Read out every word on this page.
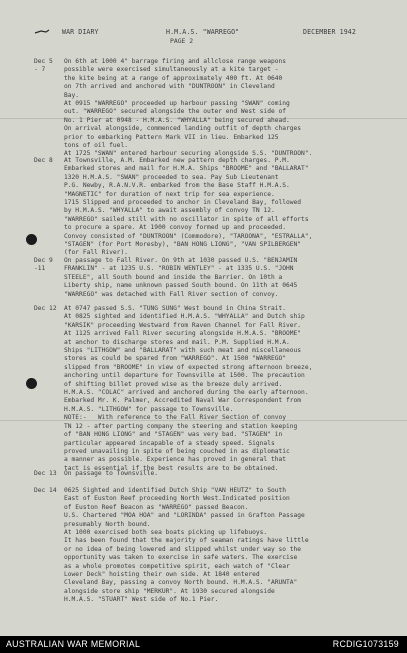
WAR DIARY	H.M.A.S. "WARREGO"	DECEMBER 1942
PAGE 2
Dec 5
- 7
On 6th at 1000 4" barrage firing and allclose range weapons
possible were exercised simultaneously at a kite target -
the kite being at a range of approximately 400 ft. At 0640
on 7th arrived and anchored with "DUNTROON" in Cleveland
Bay.
At 0915 "WARREGO" proceeded up harbour passing "SWAN" coming
out. "WARREGO" secured alongside the outer end West side of
No. 1 Pier at 0948 - H.M.A.S. "WHYALLA" being secured ahead.
On arrival alongside, commenced landing outfit of depth charges
prior to embarking Pattern Mark VII in lieu. Embarked 125
tons of oil fuel.
At 1725 "SWAN" entered harbour securing alongside S.S. "DUNTROON".
Dec 8	At Townsville, A.M. Embarked new pattern depth charges. P.M.
Embarked stores and mail for H.M.A. Ships "BROOME" and "BALLARAT"
1320 H.M.A.S. "SWAN" proceeded to sea. Pay Sub Lieutenant
P.G. Newby, R.A.N.V.R. embarked from the Base Staff H.M.A.S.
"MAGNETIC" for duration of next trip for sea experience.
1715 Slipped and proceeded to anchor in Cleveland Bay, followed
by H.M.A.S. "WHYALLA" to await assembly of convoy TN 12.
"WARREGO" sailed still with no oscillator in spite of all efforts
to procure a spare. At 1900 convoy formed up and proceeded.
Convoy consisted of "DUNTROON" (Commodore), "TAROONA", "ESTRALLA",
"STAGEN" (for Port Moresby), "BAN HONG LIONG", "VAN SPILBERGEN"
(for Fall River).
Dec 9
-11
On passage to Fall River. On 9th at 1030 passed U.S. "BENJAMIN
FRANKLIN" - at 1235 U.S. "ROBIN WENTLEY" - at 1335 U.S. "JOHN
STEELE", all South bound and inside the Barrier. On 10th a
Liberty ship, name unknown passed South bound. On 11th at 0645
"WARREGO" was detached with Fall River section of convoy.
Dec 12	At 0747 passed S.S. "TUNG SUNG" West bound in China Strait.
At 0825 sighted and identified H.M.A.S. "WHYALLA" and Dutch ship
"KARSIK" proceeding Westward from Raven Channel for Fall River.
At 1125 arrived Fall River securing alongside H.M.A.S. "BROOME"
at anchor to discharge stores and mail. P.M. Supplied H.M.A.
Ships "LITHGOW" and "BALLARAT" with such meat and miscellaneous
stores as could be spared from "WARREGO". At 1500 "WARREGO"
slipped from "BROOME" in view of expected strong afternoon breeze,
anchoring until departure for Townsville at 1500. The precaution
of shifting billet proved wise as the breeze duly arrived.
H.M.A.S. "COLAC" arrived and anchored during the early afternoon.
Embarked Mr. K. Palmer, Accredited Naval War Correspondent from
H.M.A.S. "LITHGOW" for passage to Townsville.
NOTE:-   With reference to the Fall River Section of convoy
TN 12 - after parting company the steering and station keeping
of "BAN HONG LIONG" and "STAGEN" was very bad. "STAGEN" in
particular appeared incapable of a steady speed. Signals
proved unavailing in spite of being couched in as diplomatic
a manner as possible. Experience has proved in general that
tact is essential if the best results are to be obtained.
Dec 13	On passage to Townsville.
Dec 14	0625 Sighted and identified Dutch Ship "VAN HEUTZ" to South
East of Euston Reef proceeding North West.Indicated position
of Euston Reef Beacon as "WARREGO" passed Beacon.
U.S. Chartered "MOA HOA" and "LORINDA" passed in Grafton Passage
presumably North bound.
At 1000 exercised both sea boats picking up lifebuoys.
It has been found that the majority of seaman ratings have little
or no idea of being lowered and slipped whilst under way so the
opportunity was taken to exercise in safe waters. The exercise
as a whole promotes competitive spirit, each watch of "Clear
Lower Deck" hoisting their own side. At 1840 entered
Cleveland Bay, passing a convoy North bound. H.M.A.S. "ARUNTA"
alongside store ship "MERKUR". At 1930 secured alongside
H.M.A.S. "STUART" West side of No.1 Pier.
AUSTRALIAN WAR MEMORIAL	RCDIG1073159
